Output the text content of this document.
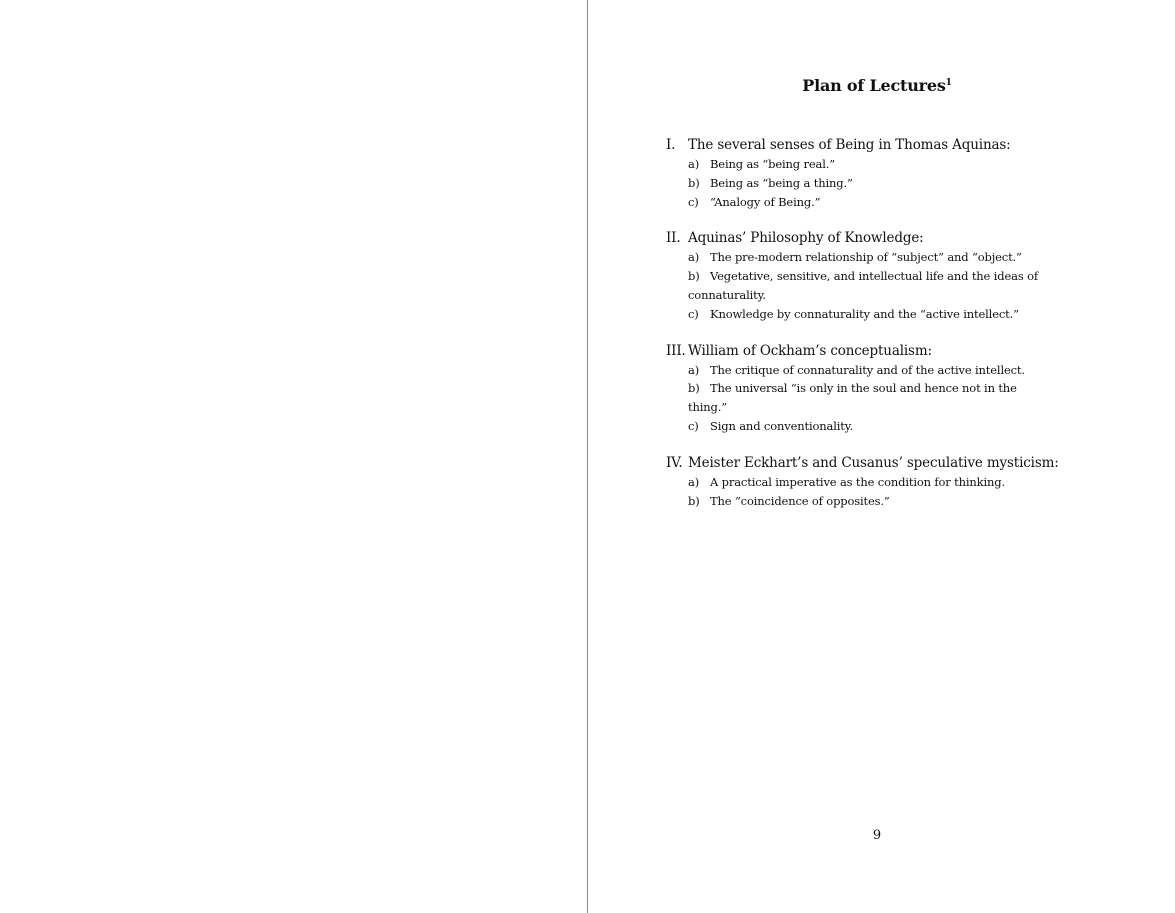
Plan of Lectures$^1$
I. The several senses of Being in Thomas Aquinas:
a) Being as “being real.”
b) Being as “being a thing.”
c) “Analogy of Being.”
II. Aquinas’ Philosophy of Knowledge:
a) The pre-modern relationship of “subject” and “object.”
b) Vegetative, sensitive, and intellectual life and the ideas of connaturality.
c) Knowledge by connaturality and the “active intellect.”
III. William of Ockham’s conceptualism:
a) The critique of connaturality and of the active intellect.
b) The universal “is only in the soul and hence not in the thing.”
c) Sign and conventionality.
IV. Meister Eckhart’s and Cusanus’ speculative mysticism:
a) A practical imperative as the condition for thinking.
b) The “coincidence of opposites.”
9
